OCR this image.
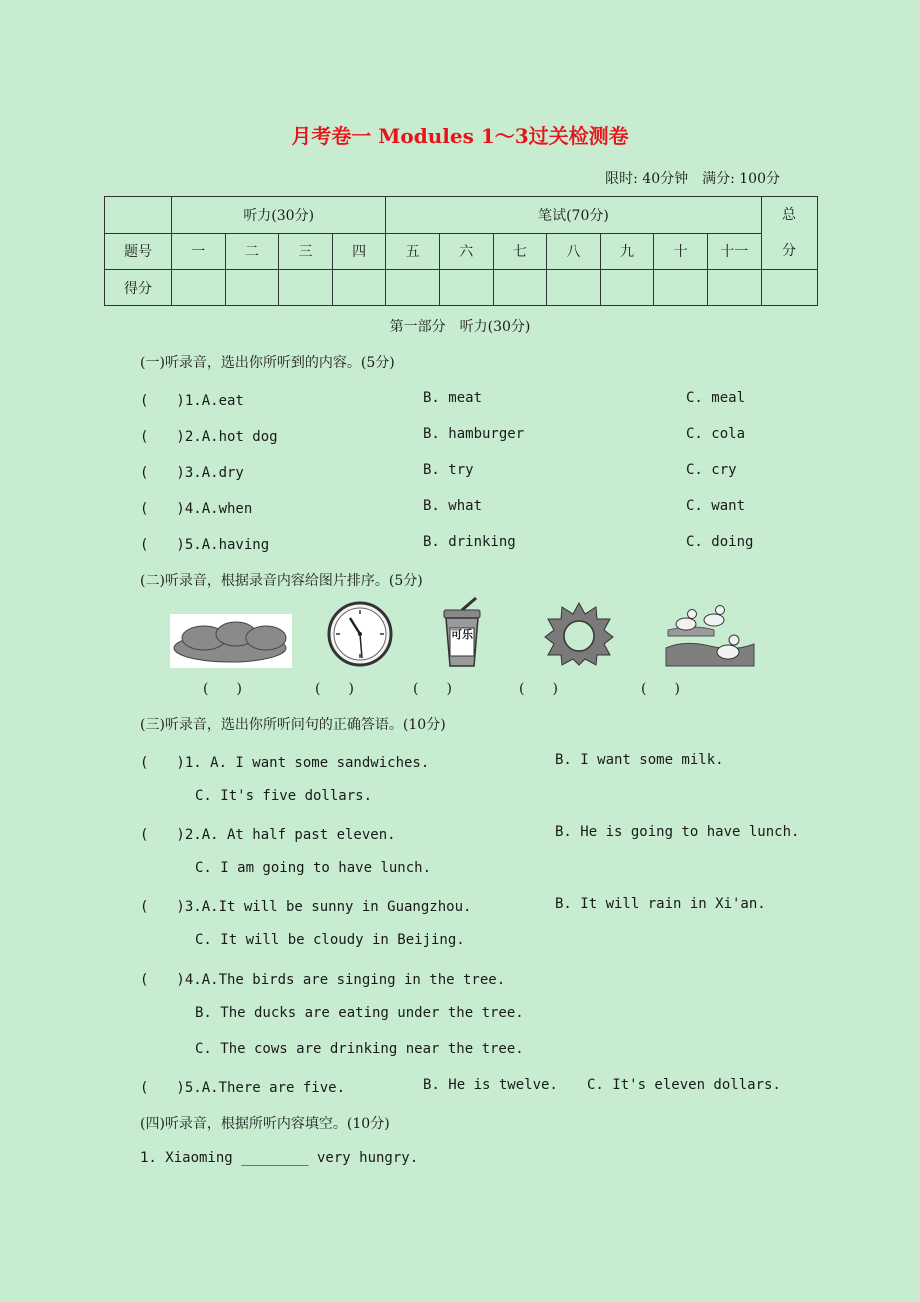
月考卷一 Modules 1～3过关检测卷
限时: 40分钟　满分: 100分
	听力(30分)				笔试(70分)							总
分
题号	一	二	三	四	五	六	七	八	九	十	十一	
得分												
第一部分　听力(30分)
(一)听录音，选出你所听到的内容。(5分)
(　　)1.A.eat	B. meat	C. meal
(　　)2.A.hot dog	B. hamburger	C. cola
(　　)3.A.dry	B. try	C. cry
(　　)4.A.when	B. what	C. want
(　　)5.A.having	B. drinking	C. doing
(二)听录音，根据录音内容给图片排序。(5分)
可乐
(　　)	(　　)	(　　)	(　　)	(　　)
(三)听录音，选出你所听问句的正确答语。(10分)
(　　)1. A. I want some sandwiches.	B. I want some milk.
C. It's five dollars.
(　　)2.A. At half past eleven.	B. He is going to have lunch.
C. I am going to have lunch.
(　　)3.A.It will be sunny in Guangzhou.	B. It will rain in Xi'an.
C. It will be cloudy in Beijing.
(　　)4.A.The birds are singing in the tree.
B. The ducks are eating under the tree.
C. The cows are drinking near the tree.
(　　)5.A.There are five.	B. He is twelve. C. It's eleven dollars.
(四)听录音，根据所听内容填空。(10分)
1. Xiaoming ________ very hungry.
